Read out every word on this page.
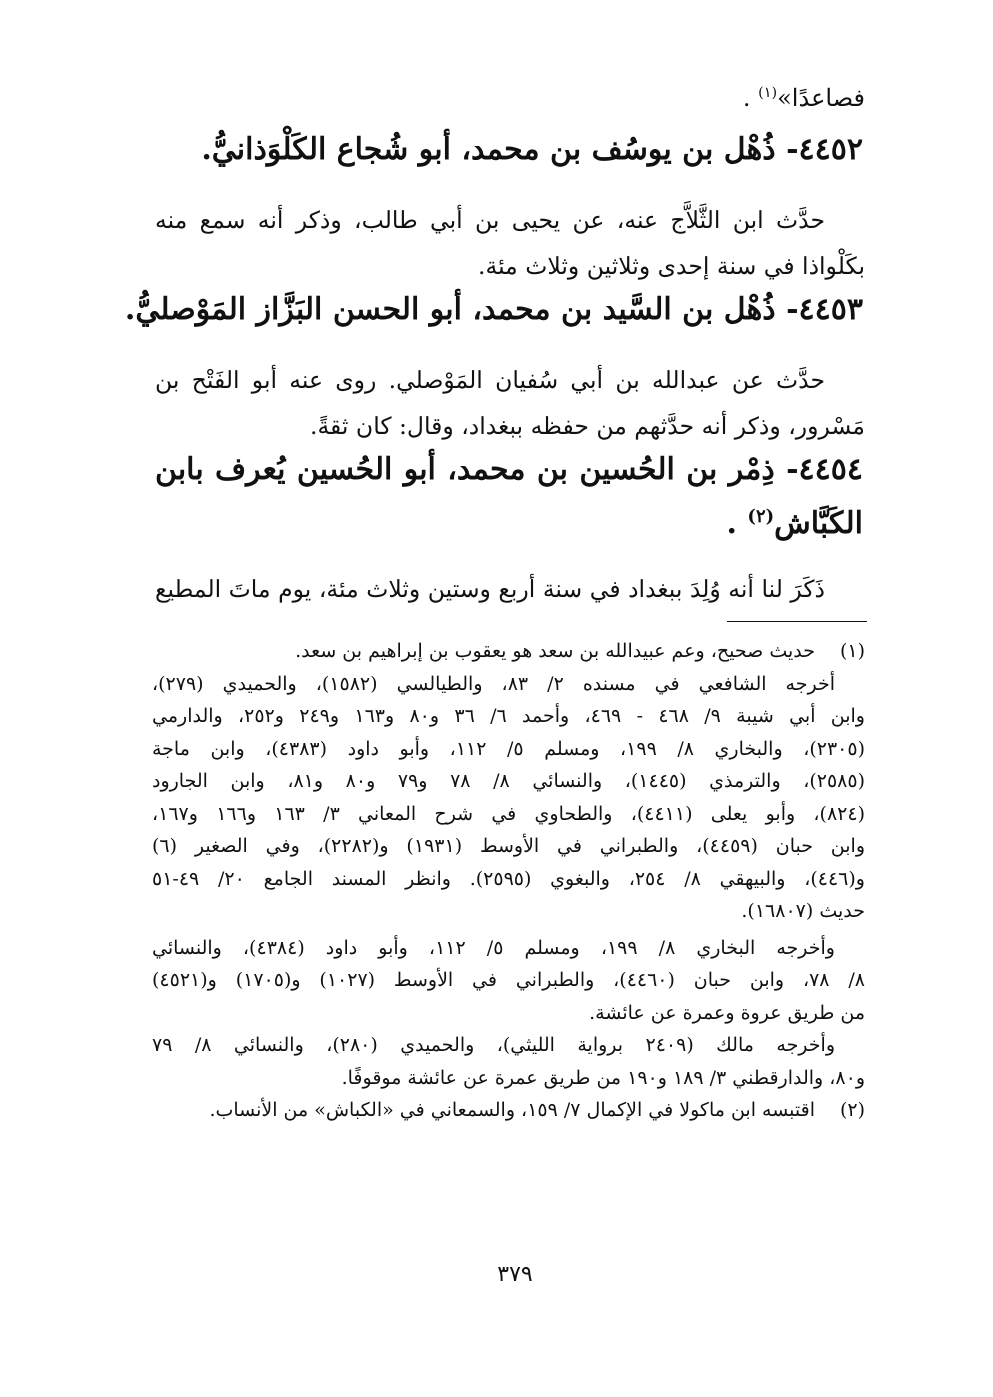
فصاعدًا»$^{(١)}$ .
٤٤٥٢- ذُهْل بن يوسُف بن محمد، أبو شُجاع الكَلْوَذانيُّ.
حدَّث ابن الثَّلاَّج عنه، عن يحيى بن أبي طالب، وذكر أنه سمع منه
بكَلْواذا في سنة إحدى وثلاثين وثلاث مئة.
٤٤٥٣- ذُهْل بن السَّيد بن محمد، أبو الحسن البَزَّاز المَوْصليُّ.
حدَّث عن عبدالله بن أبي سُفيان المَوْصلي. روى عنه أبو الفَتْح بن
مَسْرور، وذكر أنه حدَّثهم من حفظه ببغداد، وقال: كان ثقةً.
٤٤٥٤- ذِمْر بن الحُسين بن محمد، أبو الحُسين يُعرف بابن
الكَبَّاش$^{(٢)}$ .
ذَكَرَ لنا أنه وُلِدَ ببغداد في سنة أربع وستين وثلاث مئة، يوم ماتَ المطيع
(١)حديث صحيح، وعم عبيدالله بن سعد هو يعقوب بن إبراهيم بن سعد.
أخرجه الشافعي في مسنده ٢/ ٨٣، والطيالسي (١٥٨٢)، والحميدي (٢٧٩)،
وابن أبي شيبة ٩/ ٤٦٨ - ٤٦٩، وأحمد ٦/ ٣٦ و٨٠ و١٦٣ و٢٤٩ و٢٥٢، والدارمي
(٢٣٠٥)، والبخاري ٨/ ١٩٩، ومسلم ٥/ ١١٢، وأبو داود (٤٣٨٣)، وابن ماجة
(٢٥٨٥)، والترمذي (١٤٤٥)، والنسائي ٨/ ٧٨ و٧٩ و٨٠ و٨١، وابن الجارود
(٨٢٤)، وأبو يعلى (٤٤١١)، والطحاوي في شرح المعاني ٣/ ١٦٣ و١٦٦ و١٦٧،
وابن حبان (٤٤٥٩)، والطبراني في الأوسط (١٩٣١) و(٢٢٨٢)، وفي الصغير (٦)
و(٤٤٦)، والبيهقي ٨/ ٢٥٤، والبغوي (٢٥٩٥). وانظر المسند الجامع ٢٠/ ٤٩-٥١
حديث (١٦٨٠٧).
وأخرجه البخاري ٨/ ١٩٩، ومسلم ٥/ ١١٢، وأبو داود (٤٣٨٤)، والنسائي
٨/ ٧٨، وابن حبان (٤٤٦٠)، والطبراني في الأوسط (١٠٢٧) و(١٧٠٥) و(٤٥٢١)
من طريق عروة وعمرة عن عائشة.
وأخرجه مالك (٢٤٠٩ برواية الليثي)، والحميدي (٢٨٠)، والنسائي ٨/ ٧٩
و٨٠، والدارقطني ٣/ ١٨٩ و١٩٠ من طريق عمرة عن عائشة موقوفًا.
(٢)اقتبسه ابن ماكولا في الإكمال ٧/ ١٥٩، والسمعاني في «الكباش» من الأنساب.
٣٧٩
